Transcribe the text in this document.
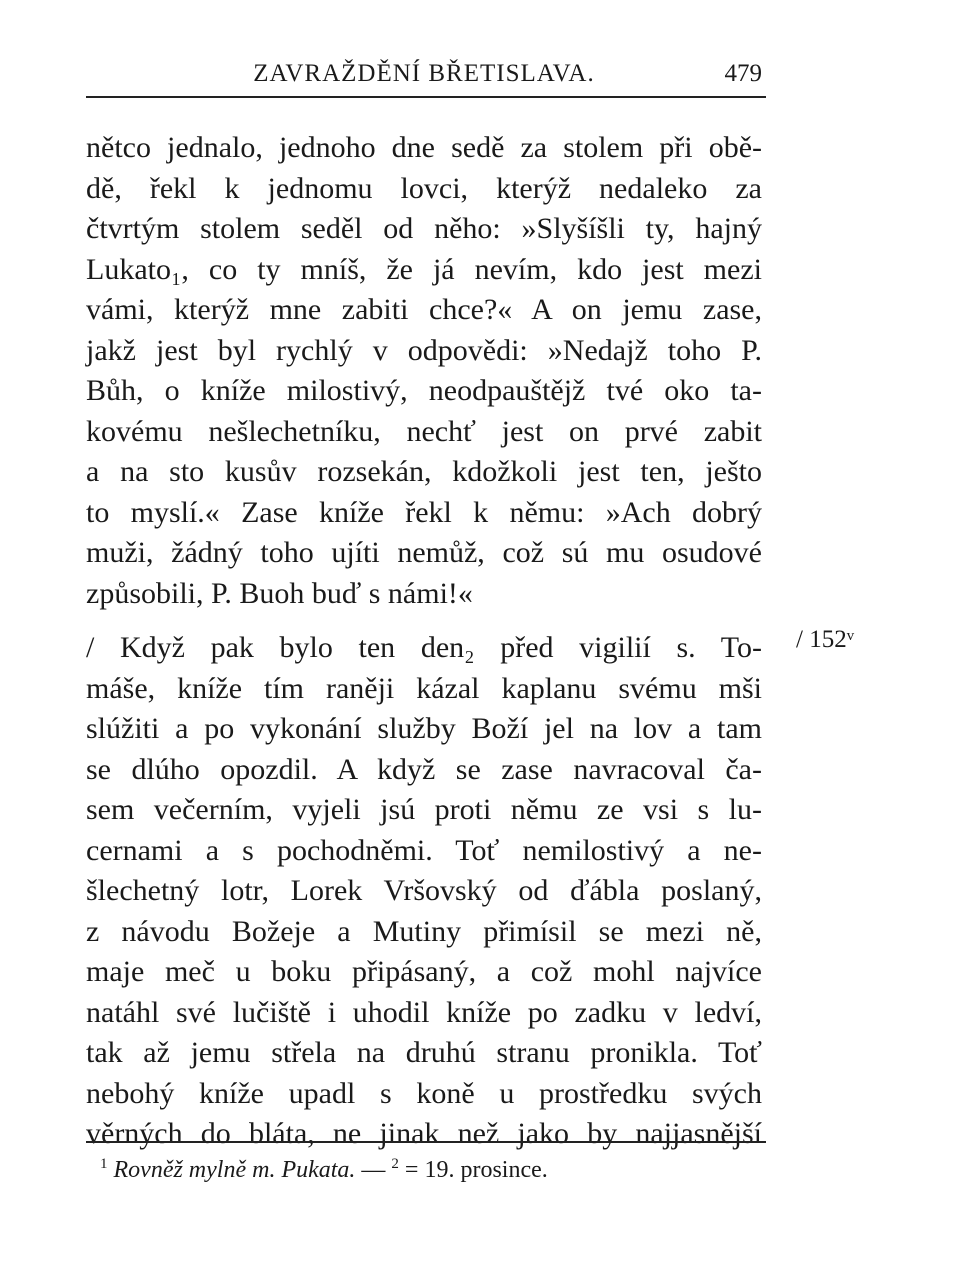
ZAVRAŽDĚNÍ BŘETISLAVA.	479
nětco jednalo, jednoho dne sedě za stolem při obě-
dě, řekl k jednomu lovci, kterýž nedaleko za
čtvrtým stolem seděl od něho: »Slyšíšli ty, hajný
Lukato₁, co ty mníš, že já nevím, kdo jest mezi
vámi, kterýž mne zabiti chce?« A on jemu zase,
jakž jest byl rychlý v odpovědi: »Nedajž toho P.
Bůh, o kníže milostivý, neodpauštějž tvé oko ta-
kovému nešlechetníku, nechť jest on prvé zabit
a na sto kusův rozsekán, kdožkoli jest ten, ješto
to myslí.« Zase kníže řekl k němu: »Ach dobrý
muži, žádný toho ujíti nemůž, což sú mu osudové
způsobili, P. Buoh buď s námi!«
/ Když pak bylo ten den₂ před vigilií s. To-
máše, kníže tím raněji kázal kaplanu svému mši
slúžiti a po vykonání služby Boží jel na lov a tam
se dlúho opozdil. A když se zase navracoval ča-
sem večerním, vyjeli jsú proti němu ze vsi s lu-
cernami a s pochodněmi. Toť nemilostivý a ne-
šlechetný lotr, Lorek Vršovský od ďábla poslaný,
z návodu Božeje a Mutiny přimísil se mezi ně,
maje meč u boku připásaný, a což mohl najvíce
natáhl své lučiště i uhodil kníže po zadku v ledví,
tak až jemu střela na druhú stranu pronikla. Toť
nebohý kníže upadl s koně u prostředku svých
věrných do bláta, ne jinak než jako by najjasnější
/ 152ᵛ
$^1$ Rovněž mylně m. Pukata. — $^2$ = 19. prosince.
